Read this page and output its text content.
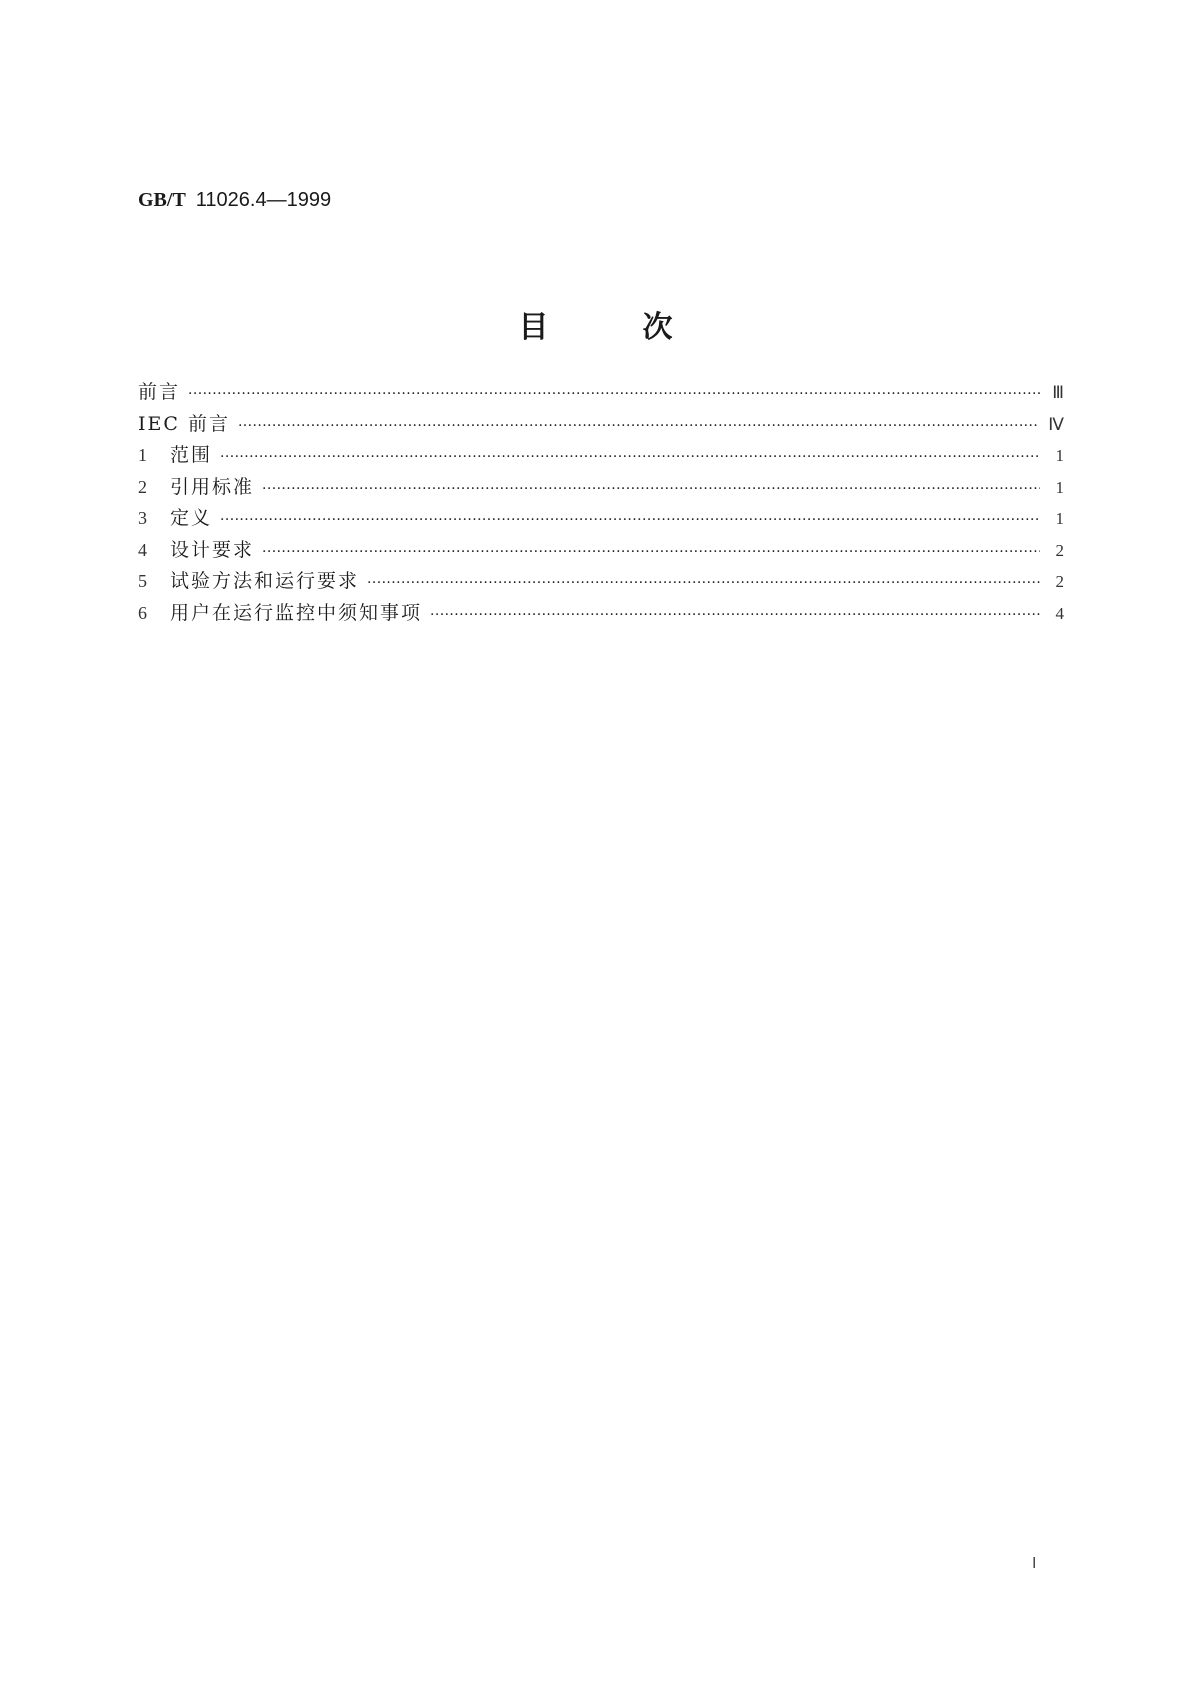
GB/T 11026.4—1999
目	次
前言 ·····	Ⅲ
IEC 前言 ·····	Ⅳ
1	范围 ·····	1
2	引用标准 ·····	1
3	定义 ·····	1
4	设计要求 ·····	2
5	试验方法和运行要求 ·····	2
6	用户在运行监控中须知事项 ·····	4
Ⅰ
